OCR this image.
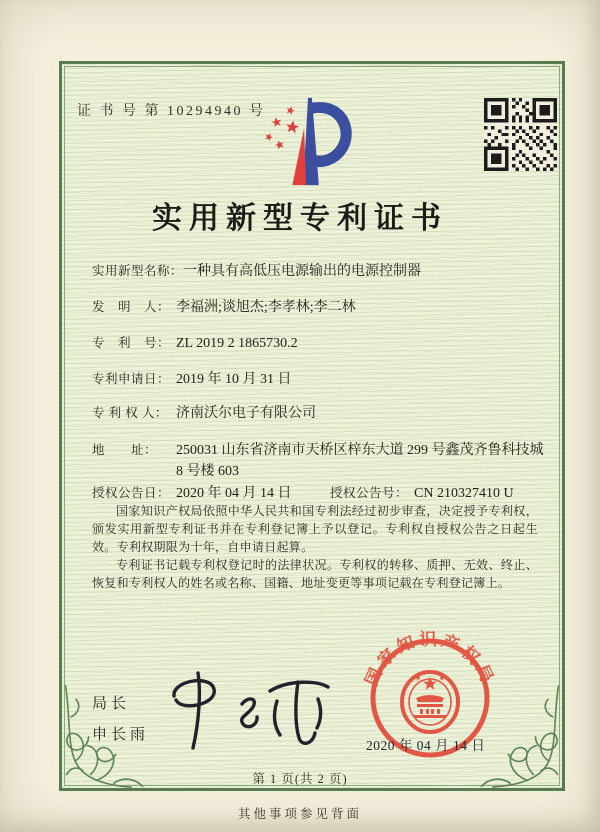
证 书 号 第 10294940 号
实用新型专利证书
实用新型名称： 一种具有高低压电源输出的电源控制器
发　明　人： 李福洲;谈旭杰;李孝林;李二林
专　利　号： ZL 2019 2 1865730.2
专利申请日： 2019 年 10 月 31 日
专 利 权 人： 济南沃尔电子有限公司
地　　址：	250031 山东省济南市天桥区梓东大道 299 号鑫茂齐鲁科技城 8 号楼 603
授权公告日： 2020 年 04 月 14 日	授权公告号： CN 210327410 U

国家知识产权局依照中华人民共和国专利法经过初步审查，决定授予专利权，颁发实用新型专利证书并在专利登记簿上予以登记。专利权自授权公告之日起生效。专利权期限为十年，自申请日起算。

专利证书记载专利权登记时的法律状况。专利权的转移、质押、无效、终止、恢复和专利权人的姓名或名称、国籍、地址变更等事项记载在专利登记簿上。

局长
申长雨
国家知识产权局
2020 年 04 月 14 日
第 1 页(共 2 页)
其他事项参见背面
